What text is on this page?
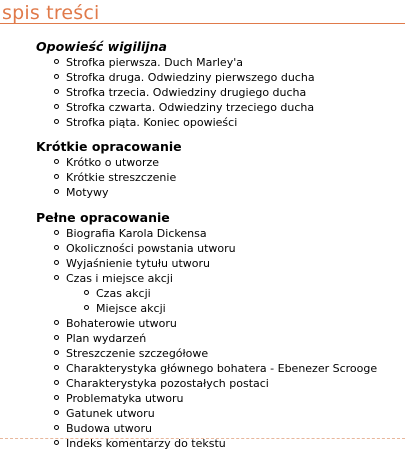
spis treści
Opowieść wigilijna
Strofka pierwsza. Duch Marley'a
Strofka druga. Odwiedziny pierwszego ducha
Strofka trzecia. Odwiedziny drugiego ducha
Strofka czwarta. Odwiedziny trzeciego ducha
Strofka piąta. Koniec opowieści
Krótkie opracowanie
Krótko o utworze
Krótkie streszczenie
Motywy
Pełne opracowanie
Biografia Karola Dickensa
Okoliczności powstania utworu
Wyjaśnienie tytułu utworu
Czas i miejsce akcji
Czas akcji
Miejsce akcji
Bohaterowie utworu
Plan wydarzeń
Streszczenie szczegółowe
Charakterystyka głównego bohatera - Ebenezer Scrooge
Charakterystyka pozostałych postaci
Problematyka utworu
Gatunek utworu
Budowa utworu
Indeks komentarzy do tekstu
